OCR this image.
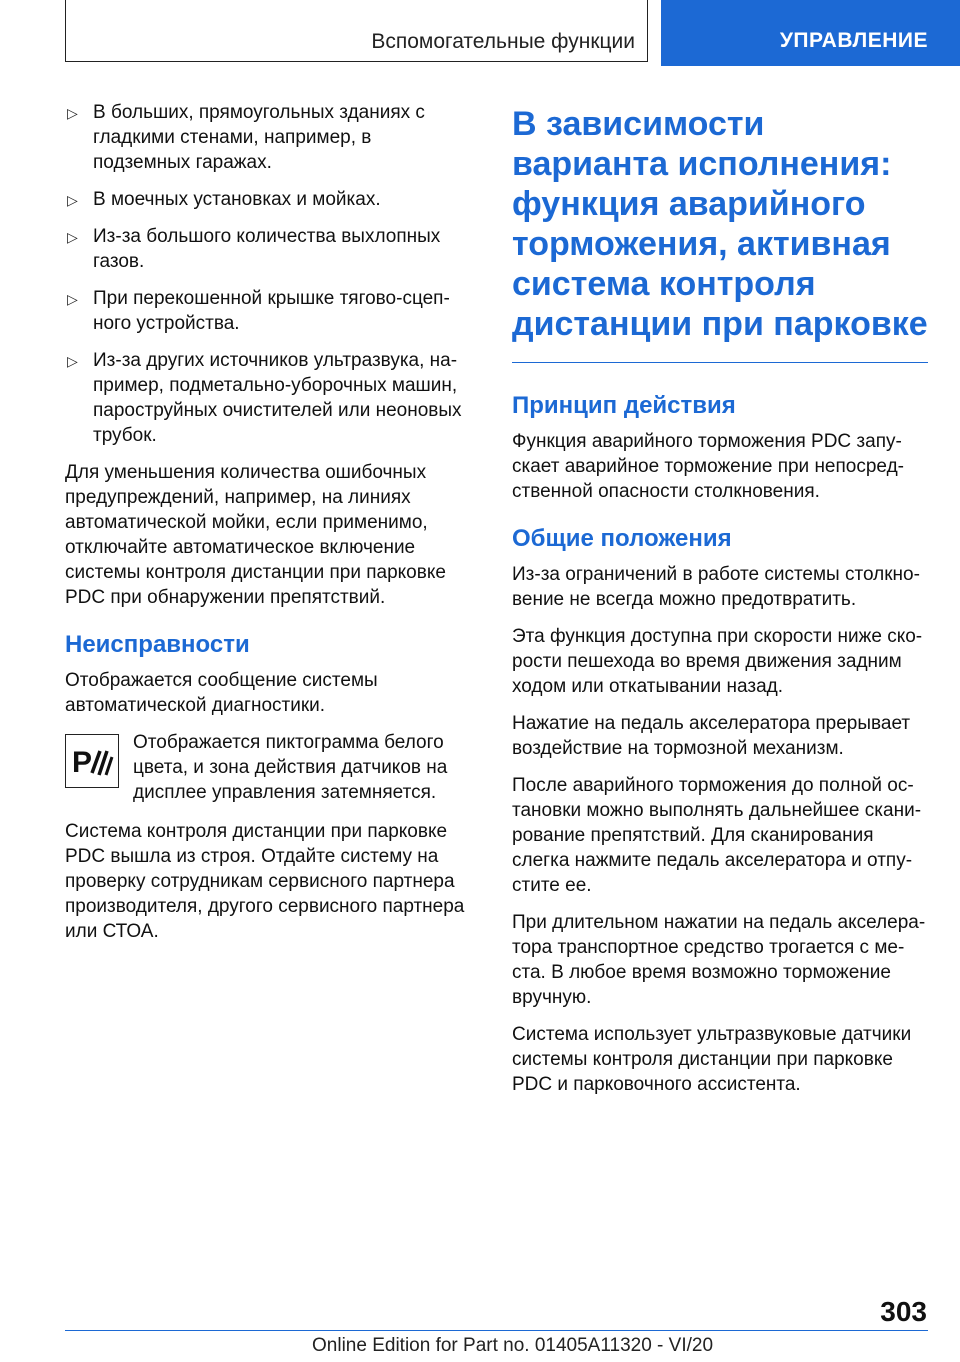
Вспомогательные функции	УПРАВЛЕНИЕ
▷ В больших, прямоугольных зданиях с гладкими стенами, например, в подземных гаражах.
▷ В моечных установках и мойках.
▷ Из-за большого количества выхлопных газов.
▷ При перекошенной крышке тягово-сцепного устройства.
▷ Из-за других источников ультразвука, например, подметально-уборочных машин, пароструйных очистителей или неоновых трубок.

Для уменьшения количества ошибочных предупреждений, например, на линиях автоматической мойки, если применимо, отключайте автоматическое включение системы контроля дистанции при парковке PDC при обнаружении препятствий.

Неисправности

Отображается сообщение системы автоматической диагностики.

P

Отображается пиктограмма белого цвета, и зона действия датчиков на дисплее управления затемняется.

Система контроля дистанции при парковке PDC вышла из строя. Отдайте систему на проверку сотрудникам сервисного партнера производителя, другого сервисного партнера или СТОА.

В зависимости варианта исполнения: функция аварийного торможения, активная система контроля дистанции при парковке
Принцип действия

Функция аварийного торможения PDC запускает аварийное торможение при непосредственной опасности столкновения.

Общие положения

Из-за ограничений в работе системы столкновение не всегда можно предотвратить.

Эта функция доступна при скорости ниже скорости пешехода во время движения задним ходом или откатывании назад.

Нажатие на педаль акселератора прерывает воздействие на тормозной механизм.

После аварийного торможения до полной остановки можно выполнять дальнейшее сканирование препятствий. Для сканирования слегка нажмите педаль акселератора и отпустите ее.

При длительном нажатии на педаль акселератора транспортное средство трогается с места. В любое время возможно торможение вручную.

Система использует ультразвуковые датчики системы контроля дистанции при парковке PDC и парковочного ассистента.

303
Online Edition for Part no. 01405A11320 - VI/20
